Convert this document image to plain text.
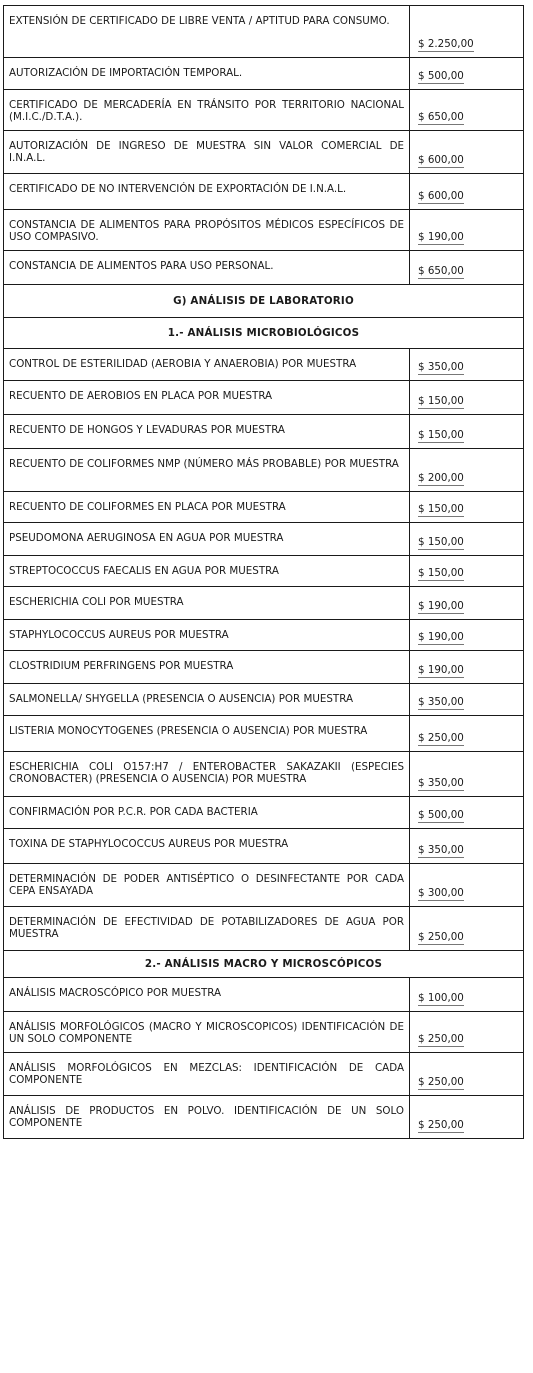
EXTENSIÓN DE CERTIFICADO DE LIBRE VENTA / APTITUD PARA CONSUMO.	$ 2.250,00
AUTORIZACIÓN DE IMPORTACIÓN TEMPORAL.	$ 500,00
CERTIFICADO DE MERCADERÍA EN TRÁNSITO POR TERRITORIO NACIONAL (M.I.C./D.T.A.).	$ 650,00
AUTORIZACIÓN DE INGRESO DE MUESTRA SIN VALOR COMERCIAL DE I.N.A.L.	$ 600,00
CERTIFICADO DE NO INTERVENCIÓN DE EXPORTACIÓN DE I.N.A.L.	$ 600,00
CONSTANCIA DE ALIMENTOS PARA PROPÓSITOS MÉDICOS ESPECÍFICOS DE USO COMPASIVO.	$ 190,00
CONSTANCIA DE ALIMENTOS PARA USO PERSONAL.	$ 650,00
G) ANÁLISIS DE LABORATORIO	
1.- ANÁLISIS MICROBIOLÓGICOS	
CONTROL DE ESTERILIDAD (AEROBIA Y ANAEROBIA) POR MUESTRA	$ 350,00
RECUENTO DE AEROBIOS EN PLACA POR MUESTRA	$ 150,00
RECUENTO DE HONGOS Y LEVADURAS POR MUESTRA	$ 150,00
RECUENTO DE COLIFORMES NMP (NÚMERO MÁS PROBABLE) POR MUESTRA	$ 200,00
RECUENTO DE COLIFORMES EN PLACA POR MUESTRA	$ 150,00
PSEUDOMONA AERUGINOSA EN AGUA POR MUESTRA	$ 150,00
STREPTOCOCCUS FAECALIS EN AGUA POR MUESTRA	$ 150,00
ESCHERICHIA COLI POR MUESTRA	$ 190,00
STAPHYLOCOCCUS AUREUS POR MUESTRA	$ 190,00
CLOSTRIDIUM PERFRINGENS POR MUESTRA	$ 190,00
SALMONELLA/ SHYGELLA (PRESENCIA O AUSENCIA) POR MUESTRA	$ 350,00
LISTERIA MONOCYTOGENES (PRESENCIA O AUSENCIA) POR MUESTRA	$ 250,00
ESCHERICHIA COLI O157:H7 / ENTEROBACTER SAKAZAKII (ESPECIES CRONOBACTER) (PRESENCIA O AUSENCIA) POR MUESTRA	$ 350,00
CONFIRMACIÓN POR P.C.R. POR CADA BACTERIA	$ 500,00
TOXINA DE STAPHYLOCOCCUS AUREUS POR MUESTRA	$ 350,00
DETERMINACIÓN DE PODER ANTISÉPTICO O DESINFECTANTE POR CADA CEPA ENSAYADA	$ 300,00
DETERMINACIÓN DE EFECTIVIDAD DE POTABILIZADORES DE AGUA POR MUESTRA	$ 250,00
2.- ANÁLISIS MACRO Y MICROSCÓPICOS	
ANÁLISIS MACROSCÓPICO POR MUESTRA	$ 100,00
ANÁLISIS MORFOLÓGICOS (MACRO Y MICROSCOPICOS) IDENTIFICACIÓN DE UN SOLO COMPONENTE	$ 250,00
ANÁLISIS MORFOLÓGICOS EN MEZCLAS: IDENTIFICACIÓN DE CADA COMPONENTE	$ 250,00
ANÁLISIS DE PRODUCTOS EN POLVO. IDENTIFICACIÓN DE UN SOLO COMPONENTE	$ 250,00
